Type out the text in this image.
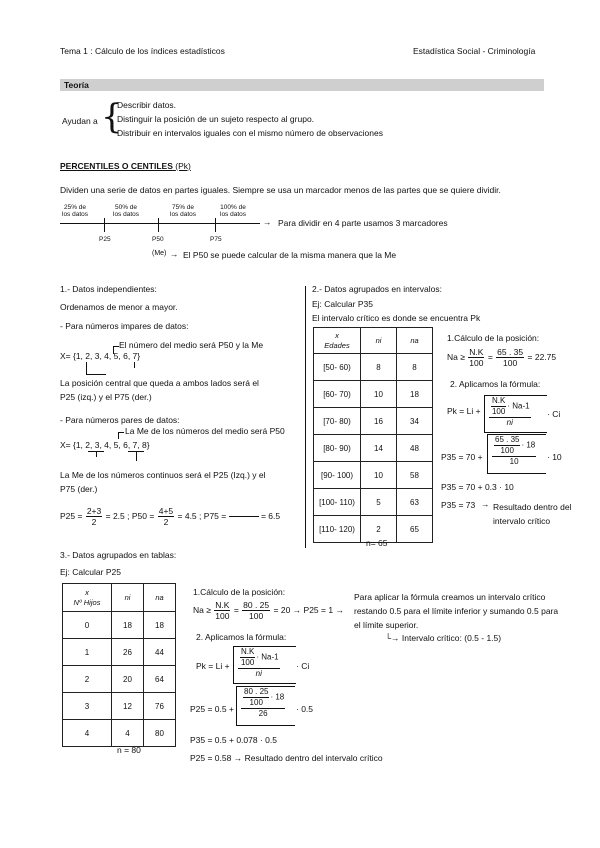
Tema 1 : Cálculo de los índices estadísticos	Estadística Social - Criminología
Teoría
Ayudan a {
Describir datos.
Distinguir la posición de un sujeto respecto al grupo.
Distribuir en intervalos iguales con el mismo número de observaciones
PERCENTILES O CENTILES (Pk)
Dividen una serie de datos en partes iguales. Siempre se usa un marcador menos de las partes que se quiere dividir.
25% de
los datos
50% de
los datos
75% de
los datos
100% de
los datos
→ Para dividir en 4 parte usamos 3 marcadores
P25	P50	P75
(Me) → El P50 se puede calcular de la misma manera que la Me
1.- Datos independientes:
Ordenamos de menor a mayor.
- Para números impares de datos:
El número del medio será P50 y la Me
X= {1, 2, 3, 4, 5, 6, 7}
La posición central que queda a ambos lados será el
P25 (izq.) y el P75 (der.)
- Para números pares de datos:
La Me de los números del medio será P50
X= {1, 2, 3, 4, 5, 6, 7, 8}
La Me de los números continuos será el P25 (Izq.) y el
P75 (der.)
$P25 = \frac{2+3}{2} = 2.5$ ; $P50 = \frac{4+5}{2} = 4.5$ ; P75 =	= 6.5
2.- Datos agrupados en intervalos:
Ej: Calcular P35
El intervalo crítico es donde se encuentra Pk
x
Edades	ni	na
[50- 60)	8	8
[60- 70)	10	18
[70- 80)	16	34
[80- 90)	14	48
[90- 100)	10	58
[100- 110)	5	63
[110- 120)	2	65
n= 65
1.Cálculo de la posición:
$Na \ge \frac{N.K}{100} = \frac{65 . 35}{100} = 22.75$
2. Aplicamos la fórmula:
$Pk = Li + \frac{\frac{N.K}{100} \cdot Na-1}{ni} \cdot Ci$
$P35 = 70 + \frac{\frac{65 . 35}{100} \cdot 18}{10} \cdot 10$
P35 = 70 + 0.3 · 10
P35 = 73 → Resultado dentro del
intervalo crítico
3.- Datos agrupados en tablas:
Ej: Calcular P25
x
Nº Hijos	ni	na
0	18	18
1	26	44
2	20	64
3	12	76
4	4	80
n = 80
1.Cálculo de la posición:
$Na \ge \frac{N.K}{100} = \frac{80 . 25}{100} = 20 \to P25 = 1$ →
Para aplicar la fórmula creamos un intervalo crítico
restando 0.5 para el límite inferior y sumando 0.5 para
el límite superior.
└→ Intervalo crítico: (0.5 - 1.5)
2. Aplicamos la fórmula:
$Pk = Li + \frac{\frac{N.K}{100} \cdot Na-1}{ni} \cdot Ci$
$P25 = 0.5 + \frac{\frac{80 . 25}{100} \cdot 18}{26} \cdot 0.5$
P35 = 0.5 + 0.078 · 0.5
P25 = 0.58 → Resultado dentro del intervalo crítico
